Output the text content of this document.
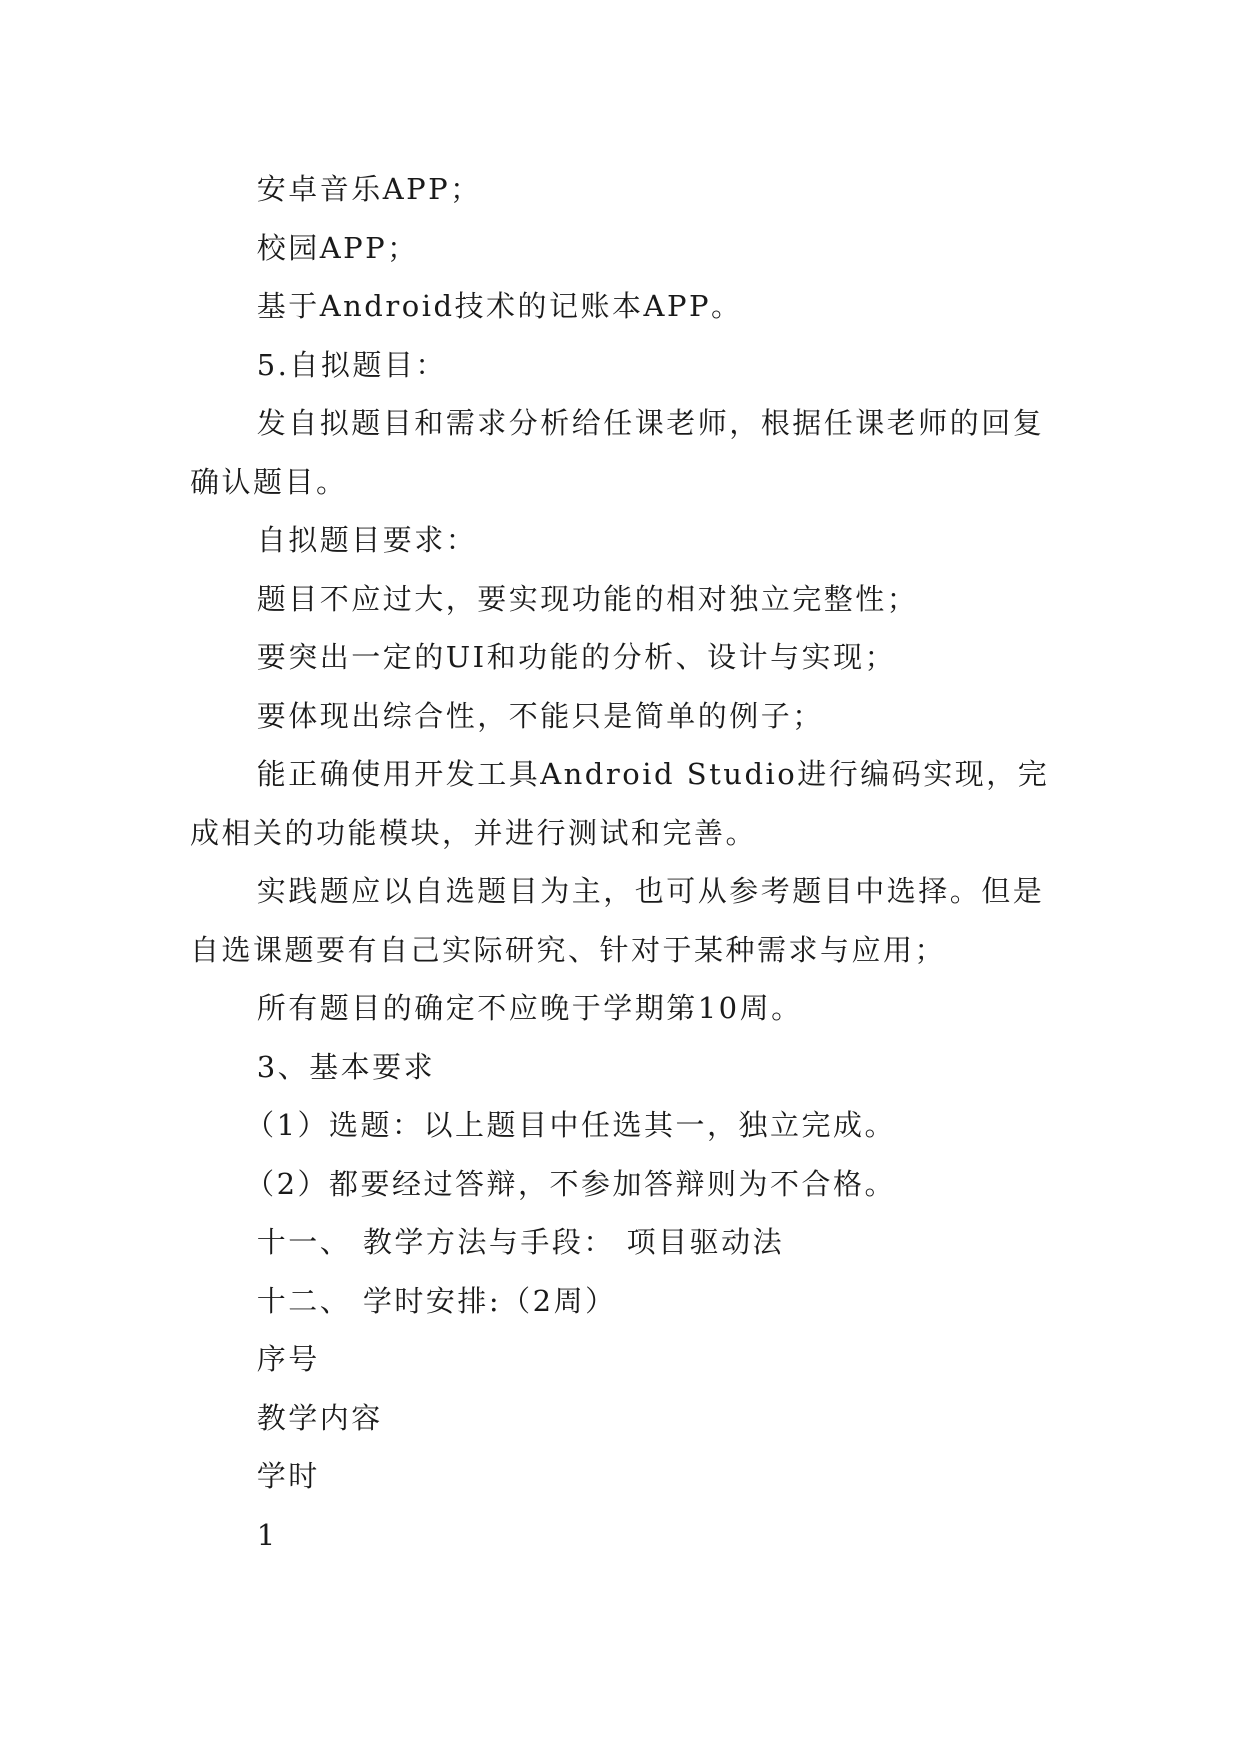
安卓音乐APP；

校园APP；

基于Android技术的记账本APP。

5.自拟题目：

发自拟题目和需求分析给任课老师，根据任课老师的回复确认题目。

自拟题目要求：

题目不应过大，要实现功能的相对独立完整性；

要突出一定的UI和功能的分析、设计与实现；

要体现出综合性，不能只是简单的例子；

能正确使用开发工具Android Studio进行编码实现，完成相关的功能模块，并进行测试和完善。

实践题应以自选题目为主，也可从参考题目中选择。但是自选课题要有自己实际研究、针对于某种需求与应用；

所有题目的确定不应晚于学期第10周。

3、基本要求

（1）选题：以上题目中任选其一，独立完成。

（2）都要经过答辩，不参加答辩则为不合格。

十一、 教学方法与手段： 项目驱动法

十二、 学时安排:（2周）

序号

教学内容

学时

1
